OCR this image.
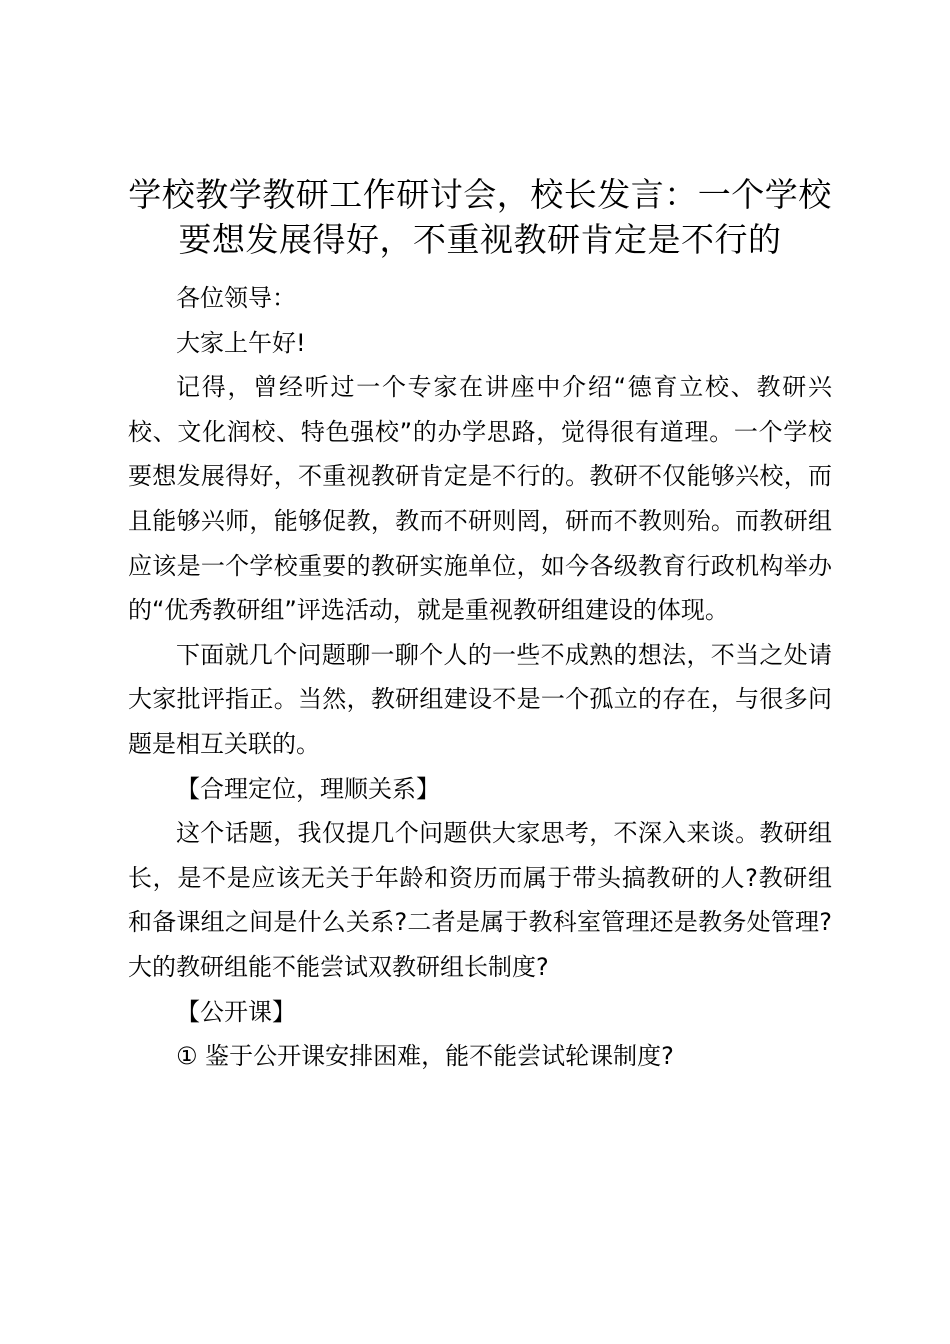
学校教学教研工作研讨会，校长发言：一个学校要想发展得好，不重视教研肯定是不行的

各位领导：

大家上午好!

记得，曾经听过一个专家在讲座中介绍“德育立校、教研兴校、文化润校、特色强校”的办学思路，觉得很有道理。一个学校要想发展得好，不重视教研肯定是不行的。教研不仅能够兴校，而且能够兴师，能够促教，教而不研则罔，研而不教则殆。而教研组应该是一个学校重要的教研实施单位，如今各级教育行政机构举办的“优秀教研组”评选活动，就是重视教研组建设的体现。

下面就几个问题聊一聊个人的一些不成熟的想法，不当之处请大家批评指正。当然，教研组建设不是一个孤立的存在，与很多问题是相互关联的。

【合理定位，理顺关系】

这个话题，我仅提几个问题供大家思考，不深入来谈。教研组长，是不是应该无关于年龄和资历而属于带头搞教研的人?教研组和备课组之间是什么关系?二者是属于教科室管理还是教务处管理?大的教研组能不能尝试双教研组长制度?

【公开课】

① 鉴于公开课安排困难，能不能尝试轮课制度?
